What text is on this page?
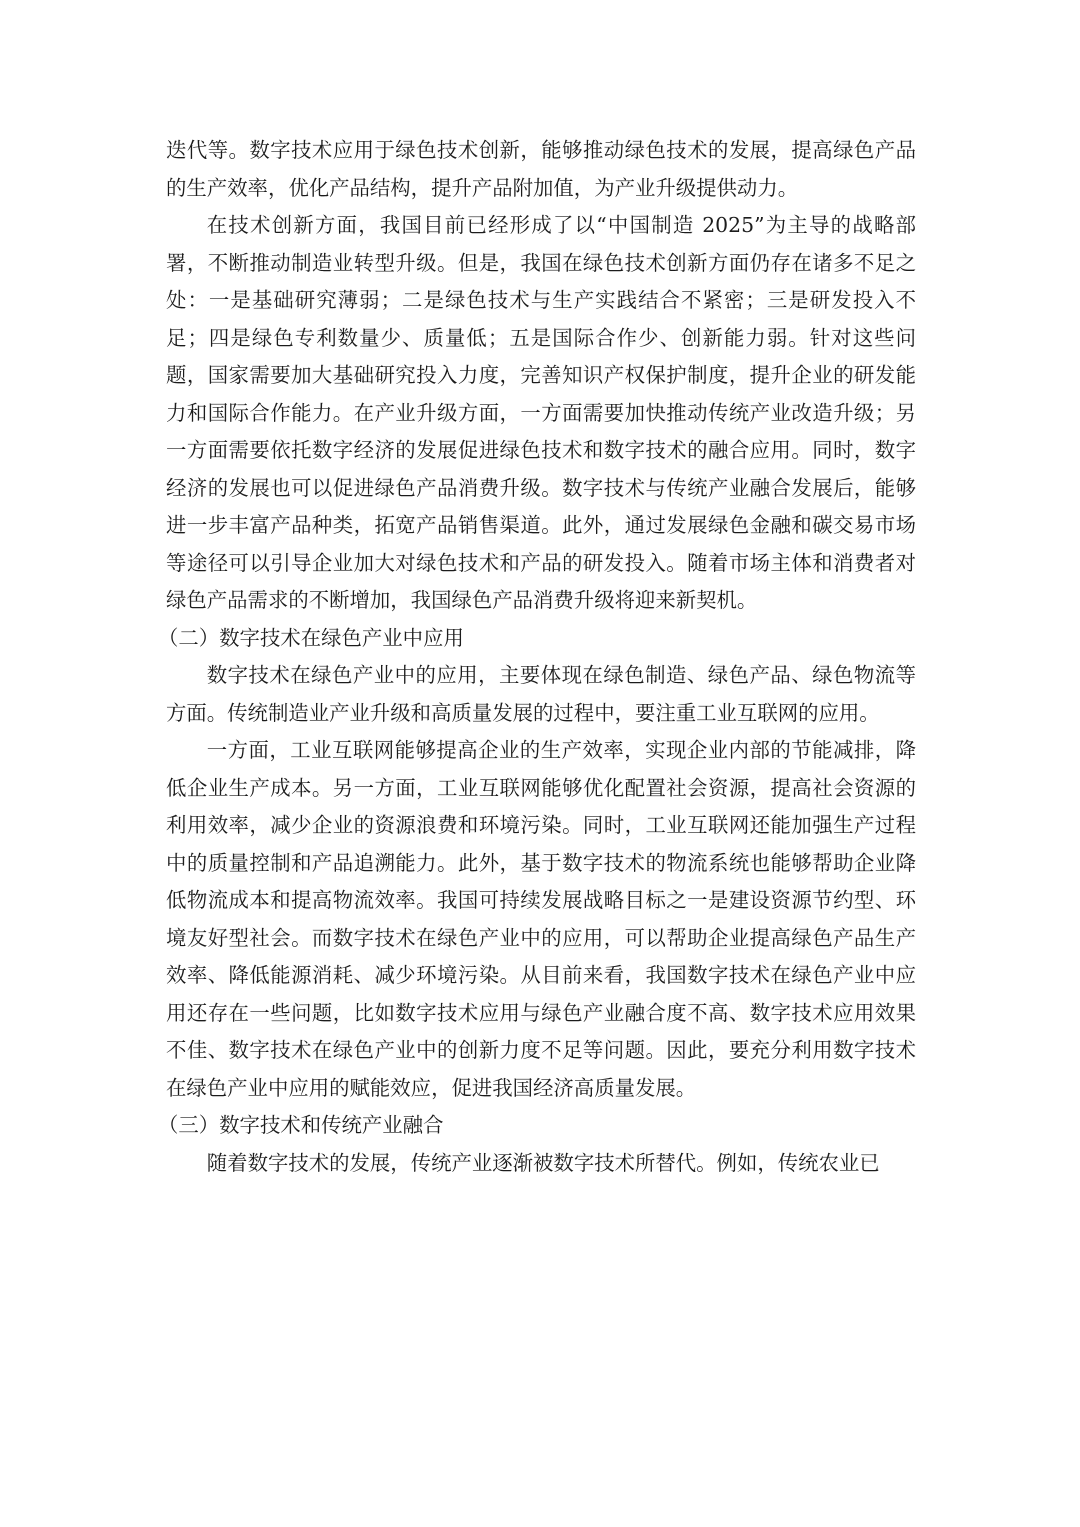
迭代等。数字技术应用于绿色技术创新，能够推动绿色技术的发展，提高绿色产品的生产效率，优化产品结构，提升产品附加值，为产业升级提供动力。

在技术创新方面，我国目前已经形成了以“中国制造 2025”为主导的战略部署，不断推动制造业转型升级。但是，我国在绿色技术创新方面仍存在诸多不足之处：一是基础研究薄弱；二是绿色技术与生产实践结合不紧密；三是研发投入不足；四是绿色专利数量少、质量低；五是国际合作少、创新能力弱。针对这些问题，国家需要加大基础研究投入力度，完善知识产权保护制度，提升企业的研发能力和国际合作能力。在产业升级方面，一方面需要加快推动传统产业改造升级；另一方面需要依托数字经济的发展促进绿色技术和数字技术的融合应用。同时，数字经济的发展也可以促进绿色产品消费升级。数字技术与传统产业融合发展后，能够进一步丰富产品种类，拓宽产品销售渠道。此外，通过发展绿色金融和碳交易市场等途径可以引导企业加大对绿色技术和产品的研发投入。随着市场主体和消费者对绿色产品需求的不断增加，我国绿色产品消费升级将迎来新契机。

（二）数字技术在绿色产业中应用

数字技术在绿色产业中的应用，主要体现在绿色制造、绿色产品、绿色物流等方面。传统制造业产业升级和高质量发展的过程中，要注重工业互联网的应用。

一方面，工业互联网能够提高企业的生产效率，实现企业内部的节能减排，降低企业生产成本。另一方面，工业互联网能够优化配置社会资源，提高社会资源的利用效率，减少企业的资源浪费和环境污染。同时，工业互联网还能加强生产过程中的质量控制和产品追溯能力。此外，基于数字技术的物流系统也能够帮助企业降低物流成本和提高物流效率。我国可持续发展战略目标之一是建设资源节约型、环境友好型社会。而数字技术在绿色产业中的应用，可以帮助企业提高绿色产品生产效率、降低能源消耗、减少环境污染。从目前来看，我国数字技术在绿色产业中应用还存在一些问题，比如数字技术应用与绿色产业融合度不高、数字技术应用效果不佳、数字技术在绿色产业中的创新力度不足等问题。因此，要充分利用数字技术在绿色产业中应用的赋能效应，促进我国经济高质量发展。

（三）数字技术和传统产业融合

随着数字技术的发展，传统产业逐渐被数字技术所替代。例如，传统农业已
